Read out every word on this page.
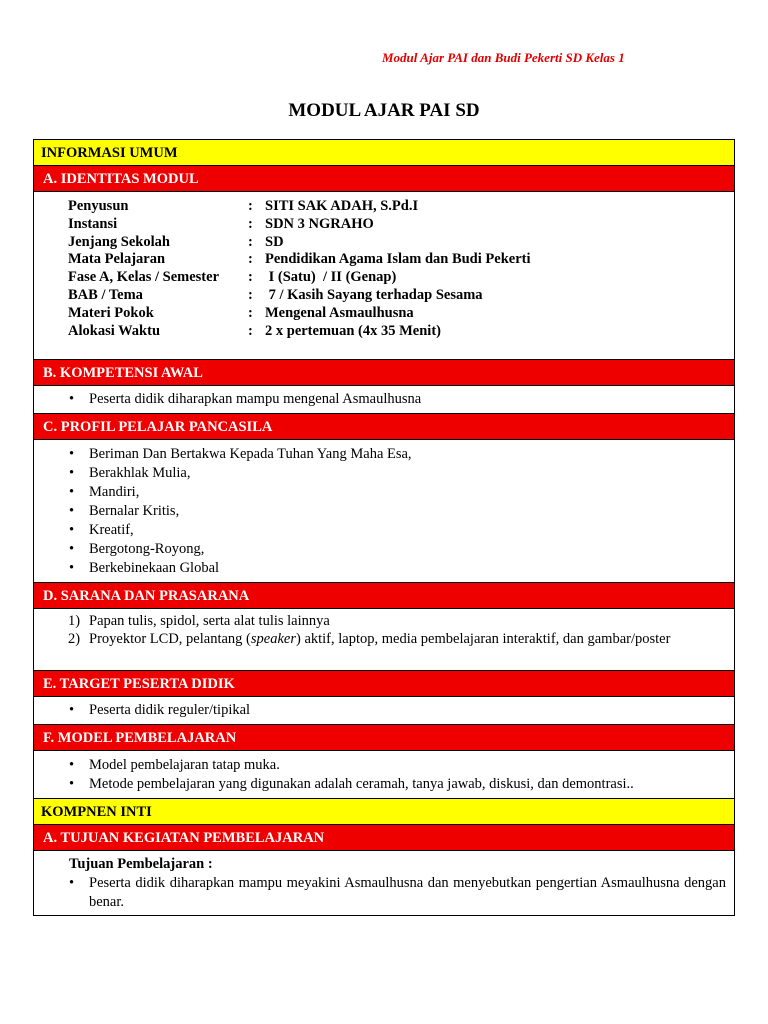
Modul Ajar PAI dan Budi Pekerti SD Kelas 1
MODUL AJAR PAI SD
INFORMASI UMUM
A. IDENTITAS MODUL
Penyusun	: SITI SAK ADAH, S.Pd.I
Instansi	: SDN 3 NGRAHO
Jenjang Sekolah	: SD
Mata Pelajaran	: Pendidikan Agama Islam dan Budi Pekerti
Fase A, Kelas / Semester	: I (Satu)  / II (Genap)
BAB / Tema	: 7 / Kasih Sayang terhadap Sesama
Materi Pokok	: Mengenal Asmaulhusna
Alokasi Waktu	: 2 x pertemuan (4x 35 Menit)
B. KOMPETENSI AWAL
• Peserta didik diharapkan mampu mengenal Asmaulhusna
C. PROFIL PELAJAR PANCASILA
• Beriman Dan Bertakwa Kepada Tuhan Yang Maha Esa,
• Berakhlak Mulia,
• Mandiri,
• Bernalar Kritis,
• Kreatif,
• Bergotong-Royong,
• Berkebinekaan Global
D. SARANA DAN PRASARANA
1) Papan tulis, spidol, serta alat tulis lainnya
2) Proyektor LCD, pelantang (speaker) aktif, laptop, media pembelajaran interaktif, dan gambar/poster
E. TARGET PESERTA DIDIK
• Peserta didik reguler/tipikal
F. MODEL PEMBELAJARAN
• Model pembelajaran tatap muka.
• Metode pembelajaran yang digunakan adalah ceramah, tanya jawab, diskusi, dan demontrasi..
KOMPNEN INTI
A. TUJUAN KEGIATAN PEMBELAJARAN
Tujuan Pembelajaran :
• Peserta didik diharapkan mampu meyakini Asmaulhusna dan menyebutkan pengertian Asmaulhusna dengan benar.
